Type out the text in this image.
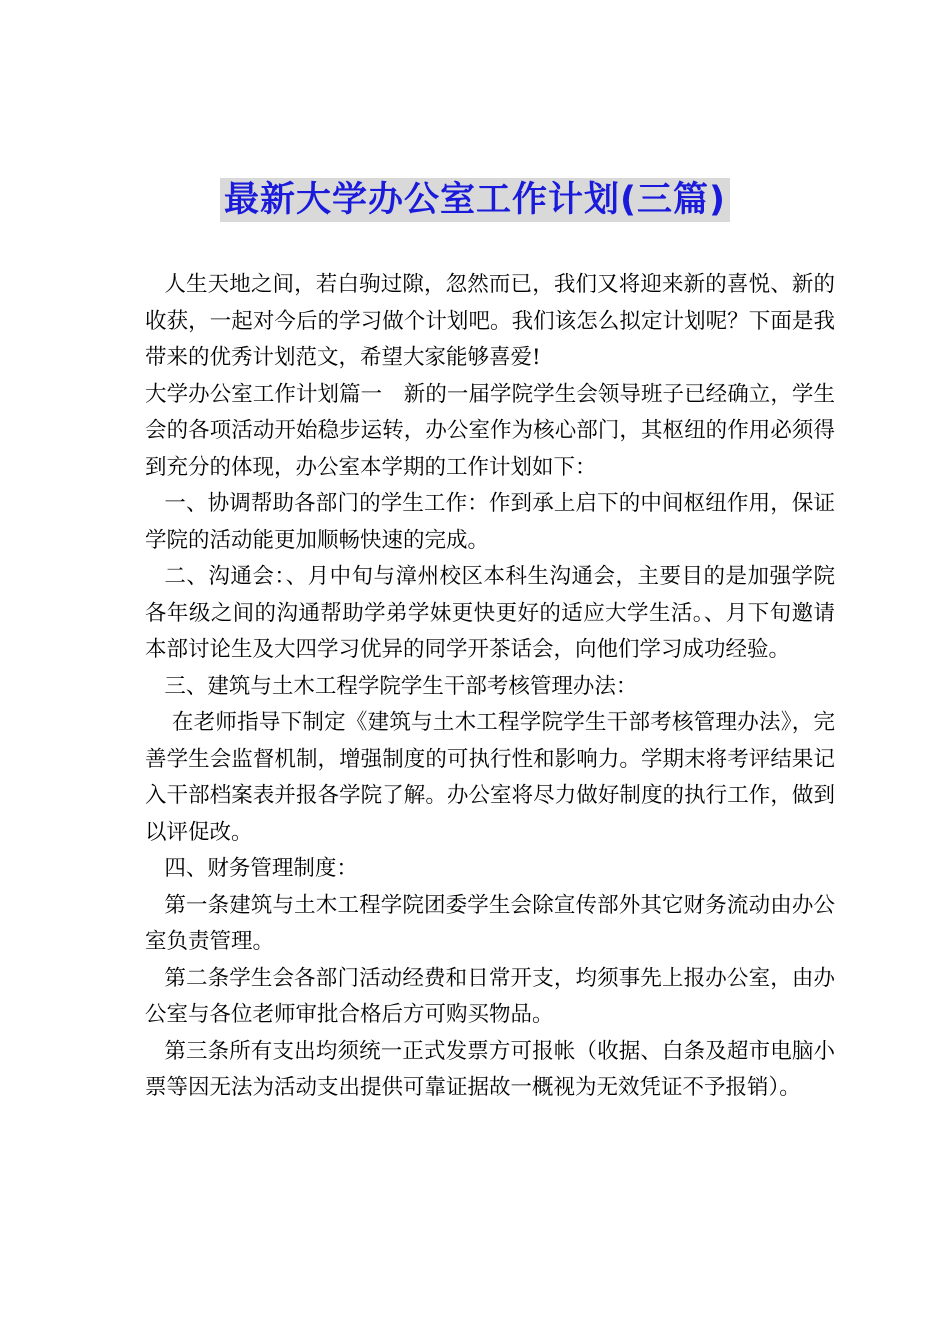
最新大学办公室工作计划(三篇)

人生天地之间，若白驹过隙，忽然而已，我们又将迎来新的喜悦、新的收获，一起对今后的学习做个计划吧。我们该怎么拟定计划呢？下面是我带来的优秀计划范文，希望大家能够喜爱!

大学办公室工作计划篇一　新的一届学院学生会领导班子已经确立，学生会的各项活动开始稳步运转，办公室作为核心部门，其枢纽的作用必须得到充分的体现，办公室本学期的工作计划如下：

一、协调帮助各部门的学生工作：作到承上启下的中间枢纽作用，保证学院的活动能更加顺畅快速的完成。

二、沟通会：、月中旬与漳州校区本科生沟通会，主要目的是加强学院各年级之间的沟通帮助学弟学妹更快更好的适应大学生活。、月下旬邀请本部讨论生及大四学习优异的同学开茶话会，向他们学习成功经验。

三、建筑与土木工程学院学生干部考核管理办法：

在老师指导下制定《建筑与土木工程学院学生干部考核管理办法》，完善学生会监督机制，增强制度的可执行性和影响力。学期末将考评结果记入干部档案表并报各学院了解。办公室将尽力做好制度的执行工作，做到以评促改。

四、财务管理制度：

第一条建筑与土木工程学院团委学生会除宣传部外其它财务流动由办公室负责管理。

第二条学生会各部门活动经费和日常开支，均须事先上报办公室，由办公室与各位老师审批合格后方可购买物品。

第三条所有支出均须统一正式发票方可报帐（收据、白条及超市电脑小票等因无法为活动支出提供可靠证据故一概视为无效凭证不予报销）。
